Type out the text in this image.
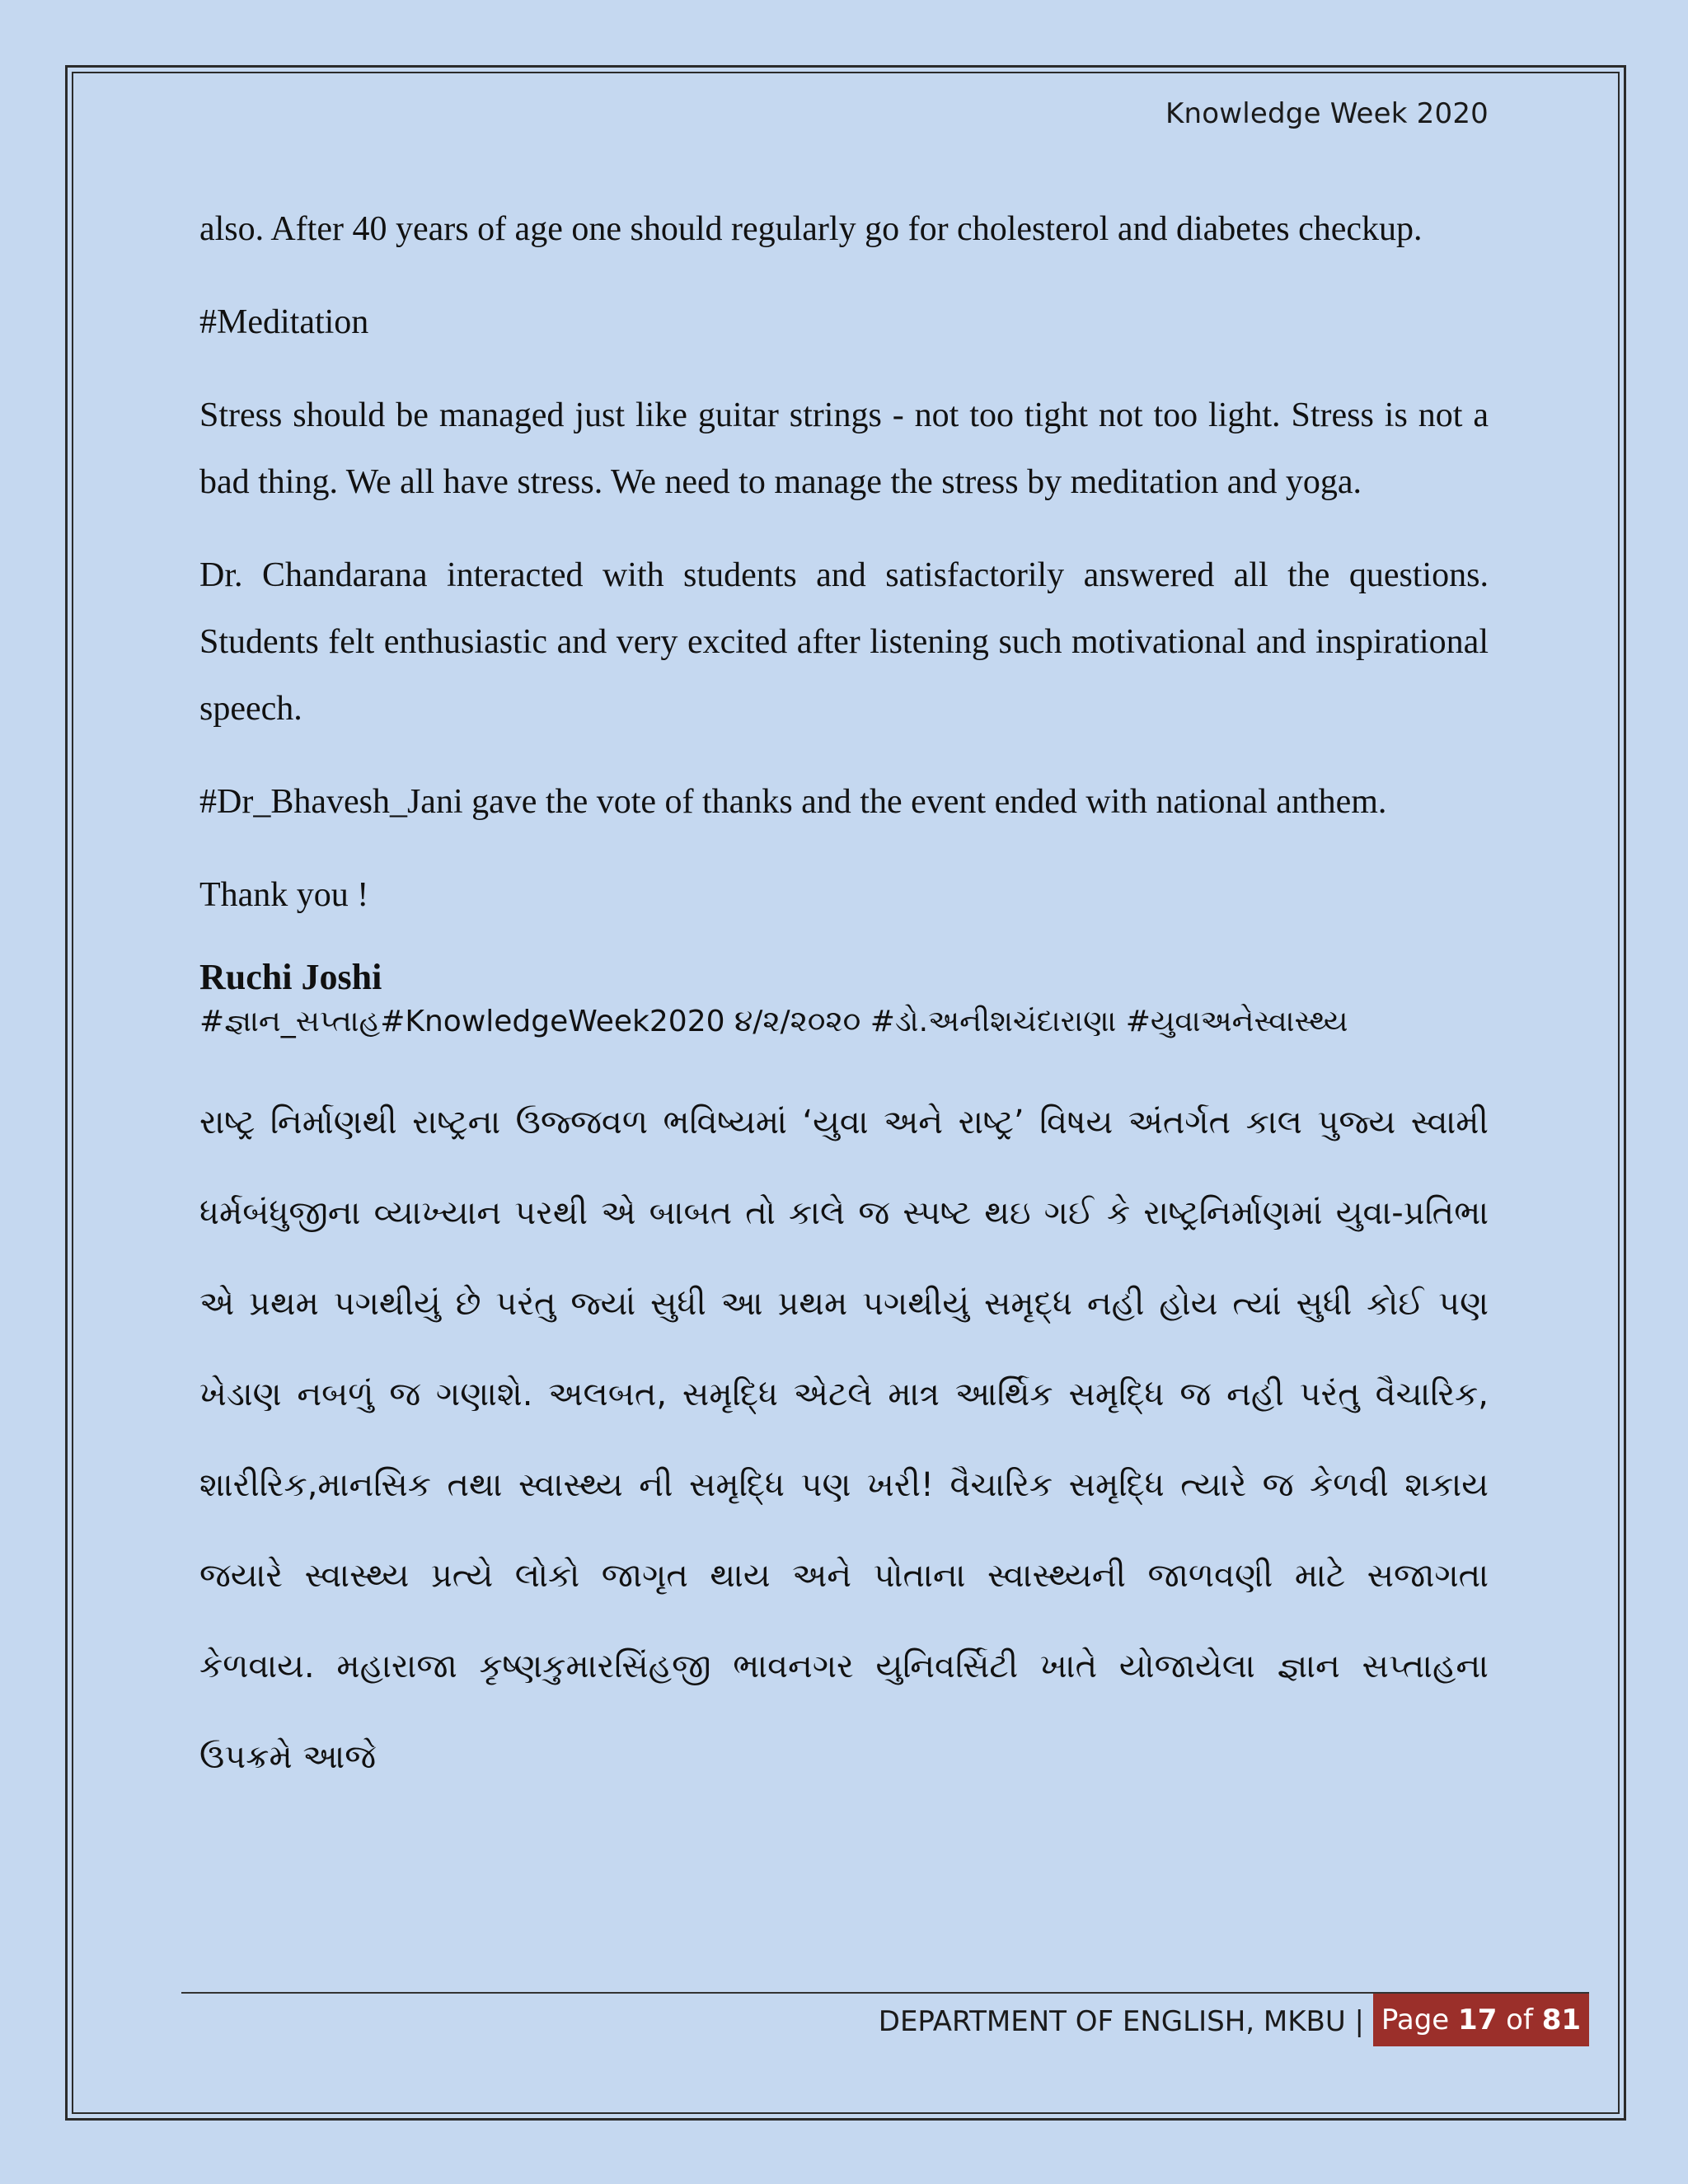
Knowledge Week 2020

also. After 40 years of age one should regularly go for cholesterol and diabetes checkup.

#Meditation

Stress should be managed just like guitar strings - not too tight not too light. Stress is not a bad thing. We all have stress. We need to manage the stress by meditation and yoga.

Dr. Chandarana interacted with students and satisfactorily answered all the questions. Students felt enthusiastic and very excited after listening such motivational and inspirational speech.

#Dr_Bhavesh_Jani gave the vote of thanks and the event ended with national anthem.

Thank you !

Ruchi Joshi
#જ્ઞાન_સપ્તાહ#KnowledgeWeek2020 ૪/૨/૨૦૨૦ #ડો.અનીશચંદારાણા #યુવાઅનેસ્વાસ્થ્ય

રાષ્ટ્ર નિર્માણથી રાષ્ટ્રના ઉજ્જવળ ભવિષ્યમાં ‘યુવા અને રાષ્ટ્ર’ વિષય અંતર્ગત કાલ પુજ્ય સ્વામી ધર્મબંધુજીના વ્યાખ્યાન પરથી એ બાબત તો કાલે જ સ્પષ્ટ થઇ ગઈ કે રાષ્ટ્રનિર્માણમાં યુવા-પ્રતિભા એ પ્રથમ પગથીયું છે પરંતુ જ્યાં સુધી આ પ્રથમ પગથીયું સમૃદ્ધ નહી હોય ત્યાં સુધી કોઈ પણ ખેડાણ નબળું જ ગણાશે. અલબત, સમૃદ્ધિ એટલે માત્ર આર્થિક સમૃદ્ધિ જ નહી પરંતુ વૈચારિક, શારીરિક,માનસિક તથા સ્વાસ્થ્ય ની સમૃદ્ધિ પણ ખરી! વૈચારિક સમૃદ્ધિ ત્યારે જ કેળવી શકાય જયારે સ્વાસ્થ્ય પ્રત્યે લોકો જાગૃત થાય અને પોતાના સ્વાસ્થ્યની જાળવણી માટે સજાગતા કેળવાય. મહારાજા કૃષ્ણકુમારસિંહજી ભાવનગર યુનિવર્સિટી ખાતે યોજાયેલા જ્ઞાન સપ્તાહના ઉપક્રમે આજે

DEPARTMENT OF ENGLISH, MKBU | Page 17 of 81
